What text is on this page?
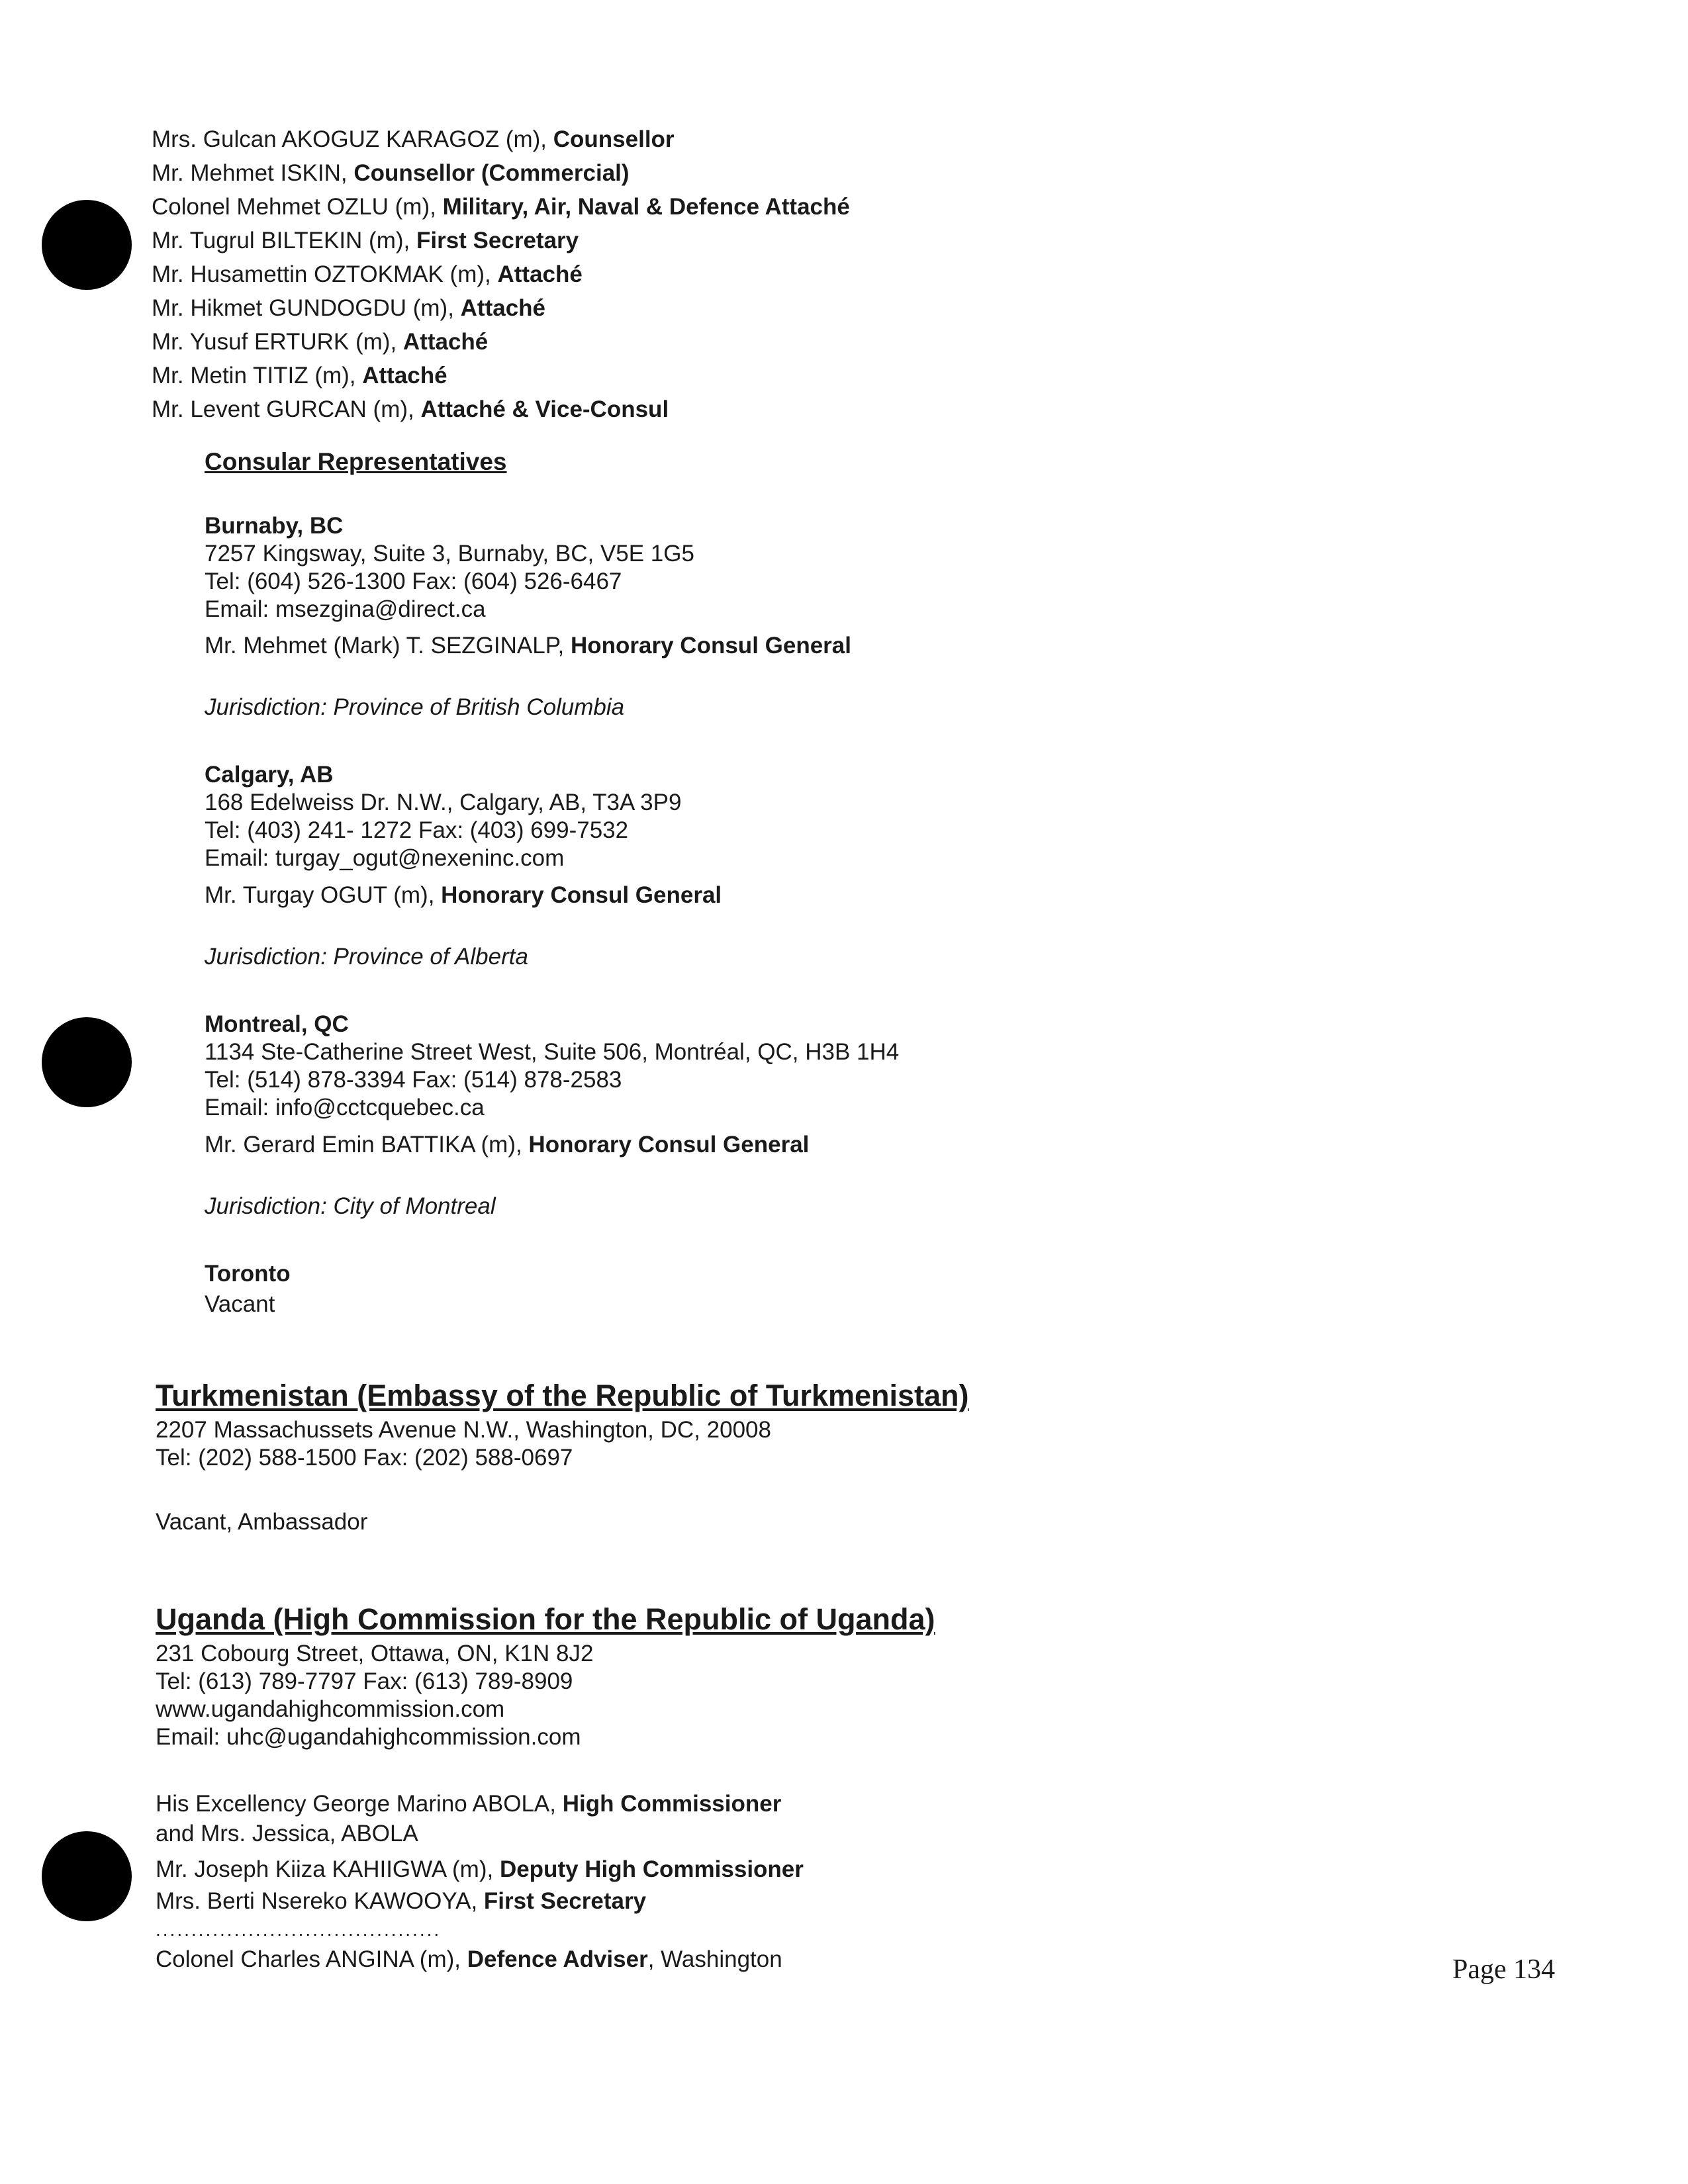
Mrs. Gulcan AKOGUZ KARAGOZ (m), Counsellor
Mr. Mehmet ISKIN, Counsellor (Commercial)
Colonel Mehmet OZLU (m), Military, Air, Naval & Defence Attaché
Mr. Tugrul BILTEKIN (m), First Secretary
Mr. Husamettin OZTOKMAK (m), Attaché
Mr. Hikmet GUNDOGDU (m), Attaché
Mr. Yusuf ERTURK (m), Attaché
Mr. Metin TITIZ (m), Attaché
Mr. Levent GURCAN (m), Attaché & Vice-Consul
Consular Representatives
Burnaby, BC
7257 Kingsway, Suite 3, Burnaby, BC, V5E 1G5
Tel: (604) 526-1300 Fax: (604) 526-6467
Email: msezgina@direct.ca
Mr. Mehmet (Mark) T. SEZGINALP, Honorary Consul General
Jurisdiction: Province of British Columbia
Calgary, AB
168 Edelweiss Dr. N.W., Calgary, AB, T3A 3P9
Tel: (403) 241- 1272 Fax: (403) 699-7532
Email: turgay_ogut@nexeninc.com
Mr. Turgay OGUT (m), Honorary Consul General
Jurisdiction: Province of Alberta
Montreal, QC
1134 Ste-Catherine Street West, Suite 506, Montréal, QC, H3B 1H4
Tel: (514) 878-3394 Fax: (514) 878-2583
Email: info@cctcquebec.ca
Mr. Gerard Emin BATTIKA (m), Honorary Consul General
Jurisdiction: City of Montreal
Toronto
Vacant
Turkmenistan (Embassy of the Republic of Turkmenistan)
2207 Massachussets Avenue N.W., Washington, DC, 20008
Tel: (202) 588-1500 Fax: (202) 588-0697
Vacant, Ambassador
Uganda (High Commission for the Republic of Uganda)
231 Cobourg Street, Ottawa, ON, K1N 8J2
Tel: (613) 789-7797 Fax: (613) 789-8909
www.ugandahighcommission.com
Email: uhc@ugandahighcommission.com
His Excellency George Marino ABOLA, High Commissioner
and Mrs. Jessica, ABOLA
Mr. Joseph Kiiza KAHIIGWA (m), Deputy High Commissioner
Mrs. Berti Nsereko KAWOOYA, First Secretary
........................................
Colonel Charles ANGINA (m), Defence Adviser, Washington	Page 134
